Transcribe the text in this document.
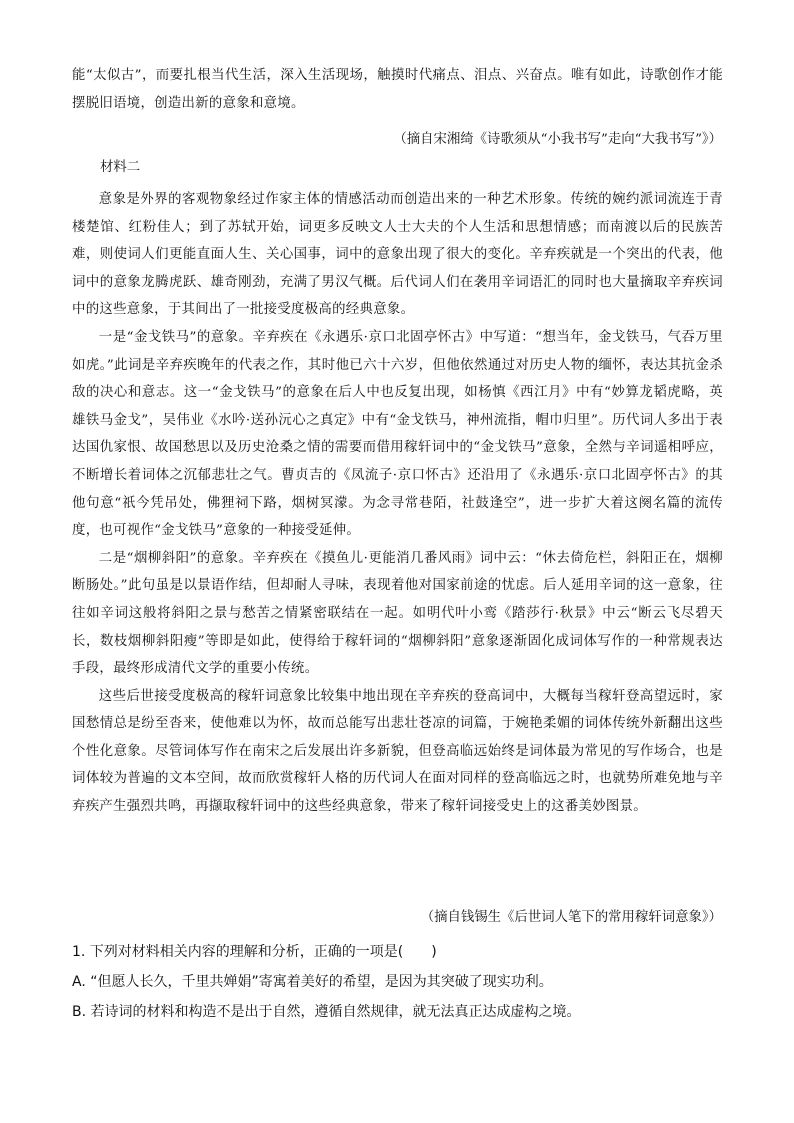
能“太似古”，而要扎根当代生活，深入生活现场，触摸时代痛点、泪点、兴奋点。唯有如此，诗歌创作才能摆脱旧语境，创造出新的意象和意境。

（摘自宋湘绮《诗歌须从“小我书写”走向“大我书写”》）
材料二

意象是外界的客观物象经过作家主体的情感活动而创造出来的一种艺术形象。传统的婉约派词流连于青楼楚馆、红粉佳人；到了苏轼开始，词更多反映文人士大夫的个人生活和思想情感；而南渡以后的民族苦难，则使词人们更能直面人生、关心国事，词中的意象出现了很大的变化。辛弃疾就是一个突出的代表，他词中的意象龙腾虎跃、雄奇刚劲，充满了男汉气概。后代词人们在袭用辛词语汇的同时也大量摘取辛弃疾词中的这些意象，于其间出了一批接受度极高的经典意象。

一是“金戈铁马”的意象。辛弃疾在《永遇乐·京口北固亭怀古》中写道：“想当年，金戈铁马，气吞万里如虎。”此词是辛弃疾晚年的代表之作，其时他已六十六岁，但他依然通过对历史人物的缅怀，表达其抗金杀敌的决心和意志。这一“金戈铁马”的意象在后人中也反复出现，如杨慎《西江月》中有“妙算龙韬虎略，英雄铁马金戈”，吴伟业《水吟·送孙沅心之真定》中有“金戈铁马，神州流指，帽巾归里”。历代词人多出于表达国仇家恨、故国愁思以及历史沧桑之情的需要而借用稼轩词中的“金戈铁马”意象，全然与辛词遥相呼应，不断增长着词体之沉郁悲壮之气。曹贞吉的《凤流子·京口怀古》还沿用了《永遇乐·京口北固亭怀古》的其他句意“祇今凭吊处，佛狸祠下路，烟树冥濛。为念寻常巷陌，社鼓逢空”，进一步扩大着这阕名篇的流传度，也可视作“金戈铁马”意象的一种接受延伸。

二是“烟柳斜阳”的意象。辛弃疾在《摸鱼儿·更能消几番风雨》词中云：“休去倚危栏，斜阳正在，烟柳断肠处。”此句虽是以景语作结，但却耐人寻味，表现着他对国家前途的忧虑。后人延用辛词的这一意象，往往如辛词这般将斜阳之景与愁苦之情紧密联结在一起。如明代叶小鸾《踏莎行·秋景》中云“断云飞尽碧天长，数枝烟柳斜阳瘦”等即是如此，使得给于稼轩词的“烟柳斜阳”意象逐渐固化成词体写作的一种常规表达手段，最终形成清代文学的重要小传统。

这些后世接受度极高的稼轩词意象比较集中地出现在辛弃疾的登高词中，大概每当稼轩登高望远时，家国愁情总是纷至沓来，使他难以为怀，故而总能写出悲壮苍凉的词篇，于婉艳柔媚的词体传统外新翻出这些个性化意象。尽管词体写作在南宋之后发展出许多新貌，但登高临远始终是词体最为常见的写作场合，也是词体较为普遍的文本空间，故而欣赏稼轩人格的历代词人在面对同样的登高临远之时，也就势所难免地与辛弃疾产生强烈共鸣，再撷取稼轩词中的这些经典意象，带来了稼轩词接受史上的这番美妙图景。

（摘自钱锡生《后世词人笔下的常用稼轩词意象》）
1. 下列对材料相关内容的理解和分析，正确的一项是(　　)
A. “但愿人长久，千里共婵娟”寄寓着美好的希望，是因为其突破了现实功利。
B. 若诗词的材料和构造不是出于自然，遵循自然规律，就无法真正达成虚构之境。
